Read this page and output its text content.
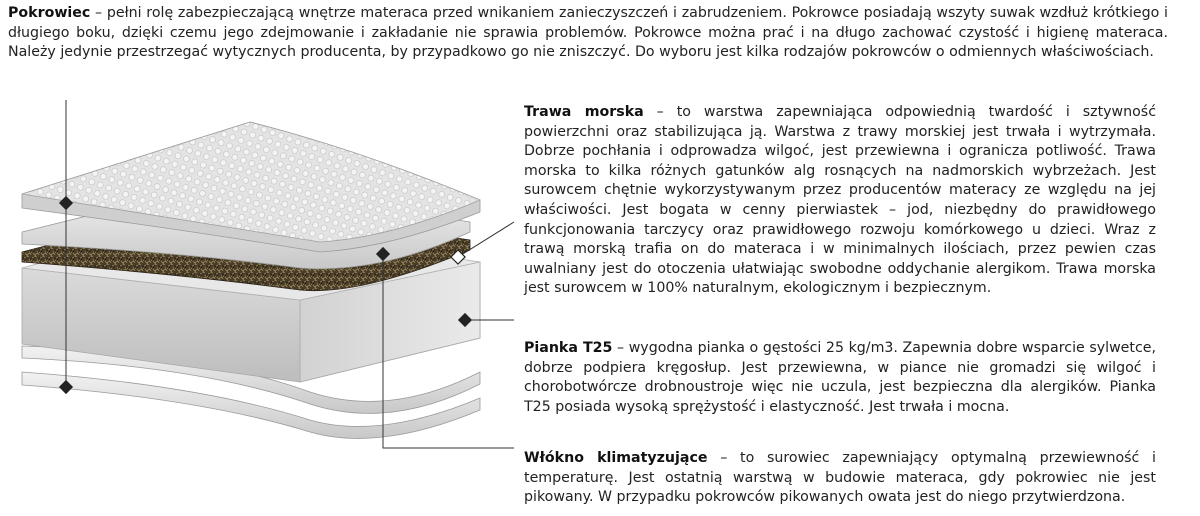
Pokrowiec – pełni rolę zabezpieczającą wnętrze materaca przed wnikaniem zanieczyszczeń i zabrudzeniem. Pokrowce posiadają wszyty suwak wzdłuż krótkiego i długiego boku, dzięki czemu jego zdejmowanie i zakładanie nie sprawia problemów. Pokrowce można prać i na długo zachować czystość i higienę materaca. Należy jedynie przestrzegać wytycznych producenta, by przypadkowo go nie zniszczyć. Do wyboru jest kilka rodzajów pokrowców o odmiennych właściwościach.

Trawa morska – to warstwa zapewniająca odpowiednią twardość i sztywność powierzchni oraz stabilizująca ją. Warstwa z trawy morskiej jest trwała i wytrzymała. Dobrze pochłania i odprowadza wilgoć, jest przewiewna i ogranicza potliwość. Trawa morska to kilka różnych gatunków alg rosnących na nadmorskich wybrzeżach. Jest surowcem chętnie wykorzystywanym przez producentów materacy ze względu na jej właściwości. Jest bogata w cenny pierwiastek – jod, niezbędny do prawidłowego funkcjonowania tarczycy oraz prawidłowego rozwoju komórkowego u dzieci. Wraz z trawą morską trafia on do materaca i w minimalnych ilościach, przez pewien czas uwalniany jest do otoczenia ułatwiając swobodne oddychanie alergikom. Trawa morska jest surowcem w 100% naturalnym, ekologicznym i bezpiecznym.

Pianka T25 – wygodna pianka o gęstości 25 kg/m3. Zapewnia dobre wsparcie sylwetce, dobrze podpiera kręgosłup. Jest przewiewna, w piance nie gromadzi się wilgoć i chorobotwórcze drobnoustroje więc nie uczula, jest bezpieczna dla alergików. Pianka T25 posiada wysoką sprężystość i elastyczność. Jest trwała i mocna.

Włókno klimatyzujące – to surowiec zapewniający optymalną przewiewność i temperaturę. Jest ostatnią warstwą w budowie materaca, gdy pokrowiec nie jest pikowany. W przypadku pokrowców pikowanych owata jest do niego przytwierdzona.
